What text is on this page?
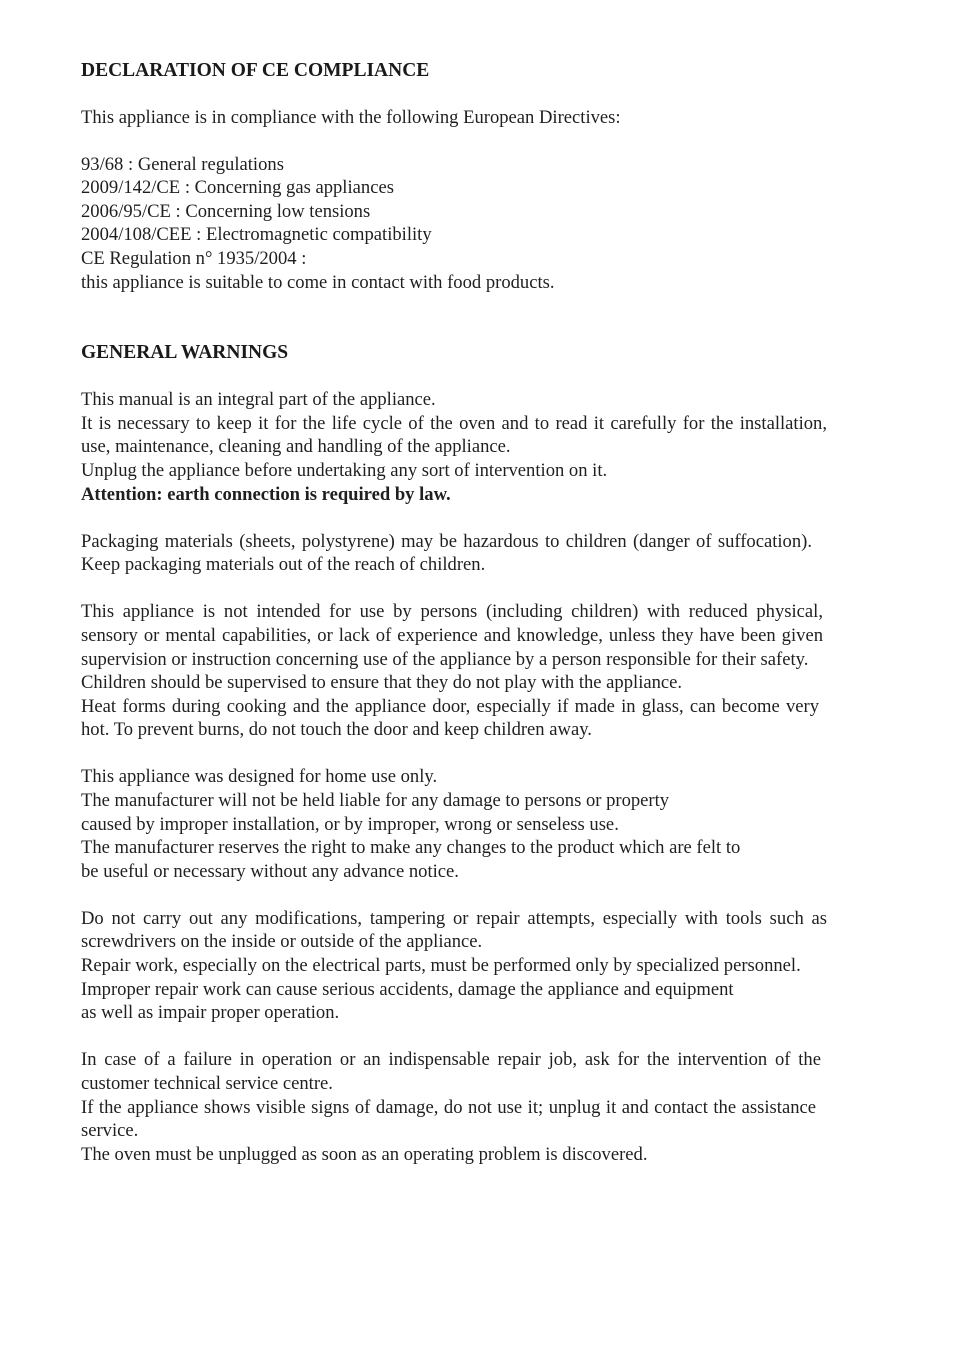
DECLARATION OF CE COMPLIANCE

This appliance is in compliance with the following European Directives:

93/68 : General regulations
2009/142/CE : Concerning gas appliances
2006/95/CE : Concerning low tensions
2004/108/CEE : Electromagnetic compatibility
CE Regulation n° 1935/2004 :
this appliance is suitable to come in contact with food products.
GENERAL WARNINGS

This manual is an integral part of the appliance.

It is necessary to keep it for the life cycle of the oven and to read it carefully for the installation, use, maintenance, cleaning and handling of the appliance.

Unplug the appliance before undertaking any sort of intervention on it.

Attention: earth connection is required by law.

Packaging materials (sheets, polystyrene) may be hazardous to children (danger of suffocation). Keep packaging materials out of the reach of children.

This appliance is not intended for use by persons (including children) with reduced physical, sensory or mental capabilities, or lack of experience and knowledge, unless they have been given supervision or instruction concerning use of the appliance by a person responsible for their safety.

Children should be supervised to ensure that they do not play with the appliance.

Heat forms during cooking and the appliance door, especially if made in glass, can become very hot. To prevent burns, do not touch the door and keep children away.

This appliance was designed for home use only.

The manufacturer will not be held liable for any damage to persons or property
caused by improper installation, or by improper, wrong or senseless use.
The manufacturer reserves the right to make any changes to the product which are felt to
be useful or necessary without any advance notice.

Do not carry out any modifications, tampering or repair attempts, especially with tools such as screwdrivers on the inside or outside of the appliance.

Repair work, especially on the electrical parts, must be performed only by specialized personnel.

Improper repair work can cause serious accidents, damage the appliance and equipment
as well as impair proper operation.

In case of a failure in operation or an indispensable repair job, ask for the intervention of the customer technical service centre.

If the appliance shows visible signs of damage, do not use it; unplug it and contact the assistance service.

The oven must be unplugged as soon as an operating problem is discovered.
